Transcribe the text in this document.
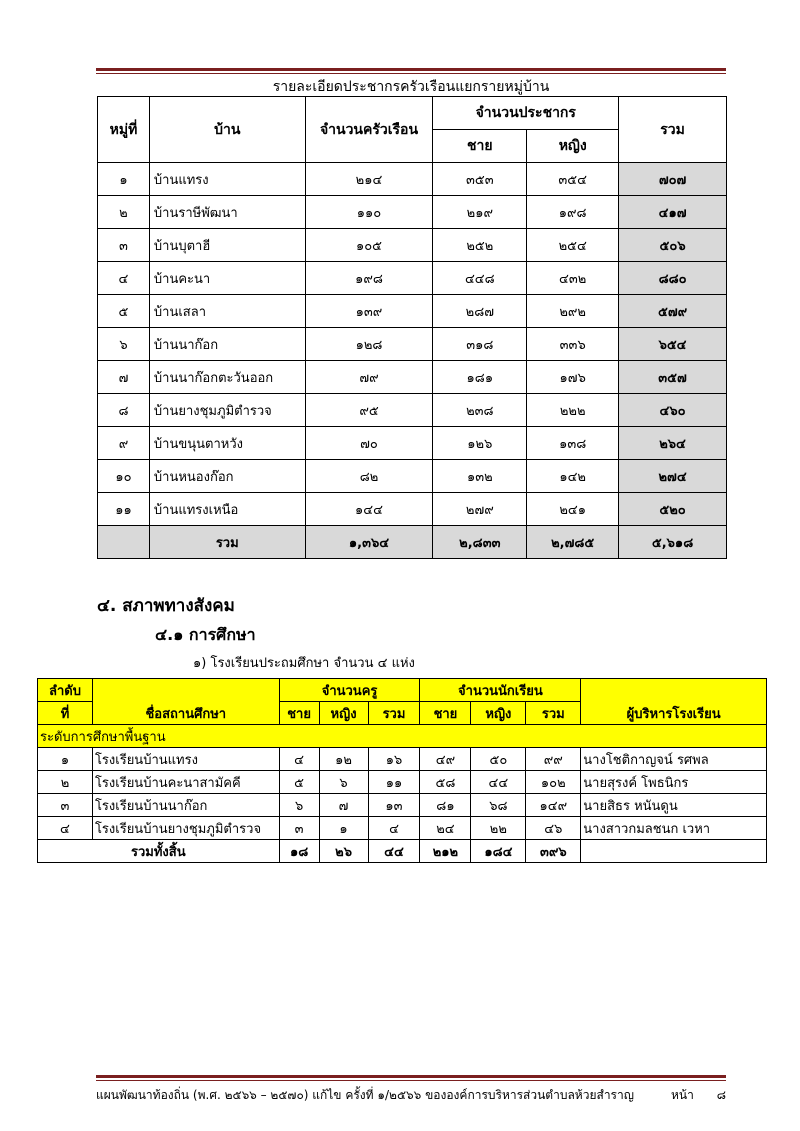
รายละเอียดประชากรครัวเรือนแยกรายหมู่บ้าน
หมู่ที่	บ้าน	จำนวนครัวเรือน	จำนวนประชากร		รวม
			ชาย	หญิง	
๑	บ้านแทรง	๒๑๔	๓๕๓	๓๕๔	๗๐๗
๒	บ้านราษีพัฒนา	๑๑๐	๒๑๙	๑๙๘	๔๑๗
๓	บ้านบุตาฮี	๑๐๕	๒๕๒	๒๕๔	๕๐๖
๔	บ้านคะนา	๑๙๘	๔๔๘	๔๓๒	๘๘๐
๕	บ้านเสลา	๑๓๙	๒๘๗	๒๙๒	๕๗๙
๖	บ้านนาก๊อก	๑๒๘	๓๑๘	๓๓๖	๖๕๔
๗	บ้านนาก๊อกตะวันออก	๗๙	๑๘๑	๑๗๖	๓๕๗
๘	บ้านยางชุมภูมิตำรวจ	๙๕	๒๓๘	๒๒๒	๔๖๐
๙	บ้านขนุนตาหวัง	๗๐	๑๒๖	๑๓๘	๒๖๔
๑๐	บ้านหนองก๊อก	๘๒	๑๓๒	๑๔๒	๒๗๔
๑๑	บ้านแทรงเหนือ	๑๔๔	๒๗๙	๒๔๑	๕๒๐
	รวม	๑,๓๖๔	๒,๘๓๓	๒,๗๘๕	๕,๖๑๘
๔. สภาพทางสังคม
๔.๑ การศึกษา
๑) โรงเรียนประถมศึกษา จำนวน ๔ แห่ง
ลำดับ	ชื่อสถานศึกษา	จำนวนครู			จำนวนนักเรียน			ผู้บริหารโรงเรียน
ที่		ชาย	หญิง	รวม	ชาย	หญิง	รวม	
ระดับการศึกษาพื้นฐาน								
๑	โรงเรียนบ้านแทรง	๔	๑๒	๑๖	๔๙	๕๐	๙๙	นางโชติกาญจน์ รศพล
๒	โรงเรียนบ้านคะนาสามัคคี	๕	๖	๑๑	๕๘	๔๔	๑๐๒	นายสุรงค์ โพธนิกร
๓	โรงเรียนบ้านนาก๊อก	๖	๗	๑๓	๘๑	๖๘	๑๔๙	นายสิธร หนันดูน
๔	โรงเรียนบ้านยางชุมภูมิตำรวจ	๓	๑	๔	๒๔	๒๒	๔๖	นางสาวกมลชนก เวหา
รวมทั้งสิ้น		๑๘	๒๖	๔๔	๒๑๒	๑๘๔	๓๙๖	
แผนพัฒนาท้องถิ่น (พ.ศ. ๒๕๖๖ – ๒๕๗๐) แก้ไข ครั้งที่ ๑/๒๕๖๖ ขององค์การบริหารส่วนตำบลห้วยสำราญ	หน้า ๘
